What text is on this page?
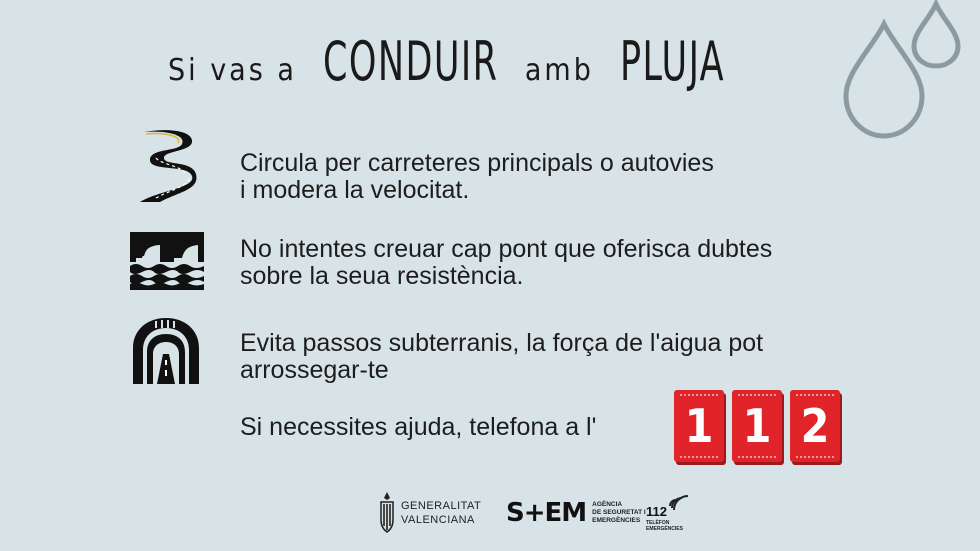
Si vas a CONDUIR amb PLUJA
Circula per carreteres principals o autovies
i modera la velocitat.
No intentes creuar cap pont que oferisca dubtes
sobre la seua resistència.
Evita passos subterranis, la força de l'aigua pot
arrossegar-te
Si necessites ajuda, telefona a l' 1 1 2
GENERALITAT
VALENCIANA S+EM AGÈNCIA
DE SEGURETAT I
EMERGÈNCIES
112
TELÈFON EMERGÈNCIES
